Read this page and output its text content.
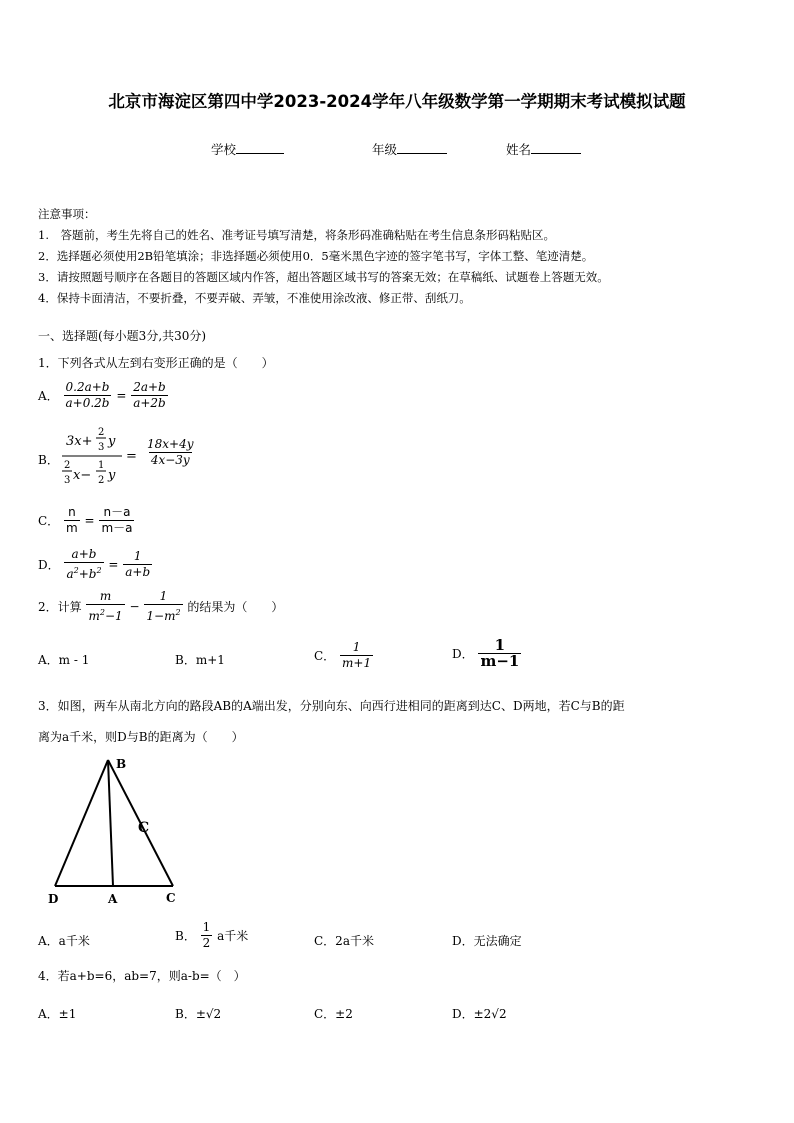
北京市海淀区第四中学2023-2024学年八年级数学第一学期期末考试模拟试题
学校	年级	姓名
注意事项：
1.　答题前，考生先将自己的姓名、准考证号填写清楚，将条形码准确粘贴在考生信息条形码粘贴区。
2．选择题必须使用2B铅笔填涂；非选择题必须使用0．5毫米黑色字迹的签字笔书写，字体工整、笔迹清楚。
3．请按照题号顺序在各题目的答题区域内作答，超出答题区域书写的答案无效；在草稿纸、试题卷上答题无效。
4．保持卡面清洁，不要折叠，不要弄破、弄皱，不准使用涂改液、修正带、刮纸刀。
一、选择题(每小题3分,共30分)
1．下列各式从左到右变形正确的是（　　）
A． $\frac{0.2a+b}{a+0.2b} = \frac{2a+b}{a+2b}$
B．
3x+
2
3 y
2
3 x−
1
2 y
= $\frac{18x+4y}{4x-3y}$
C． $\frac{n}{m} = \frac{n-a}{m-a}$
D． $\frac{a+b}{a^2+b^2} = \frac{1}{a+b}$
2．计算 $\frac{m}{m^2-1} - \frac{1}{1-m^2}$ 的结果为（　　）
A．m - 1	B．m+1	C． $\frac{1}{m+1}$	D． $\frac{1}{m-1}$
3．如图，两车从南北方向的路段AB的A端出发，分别向东、向西行进相同的距离到达C、D两地，若C与B的距
离为a千米，则D与B的距离为（　　）
B
C
D	A	C
A．a千米	B． $\frac{1}{2}$ a千米	C．2a千米	D．无法确定
4．若a+b=6，ab=7，则a-b=（　）
A．±1	B．±√2	C．±2	D．±2√2
